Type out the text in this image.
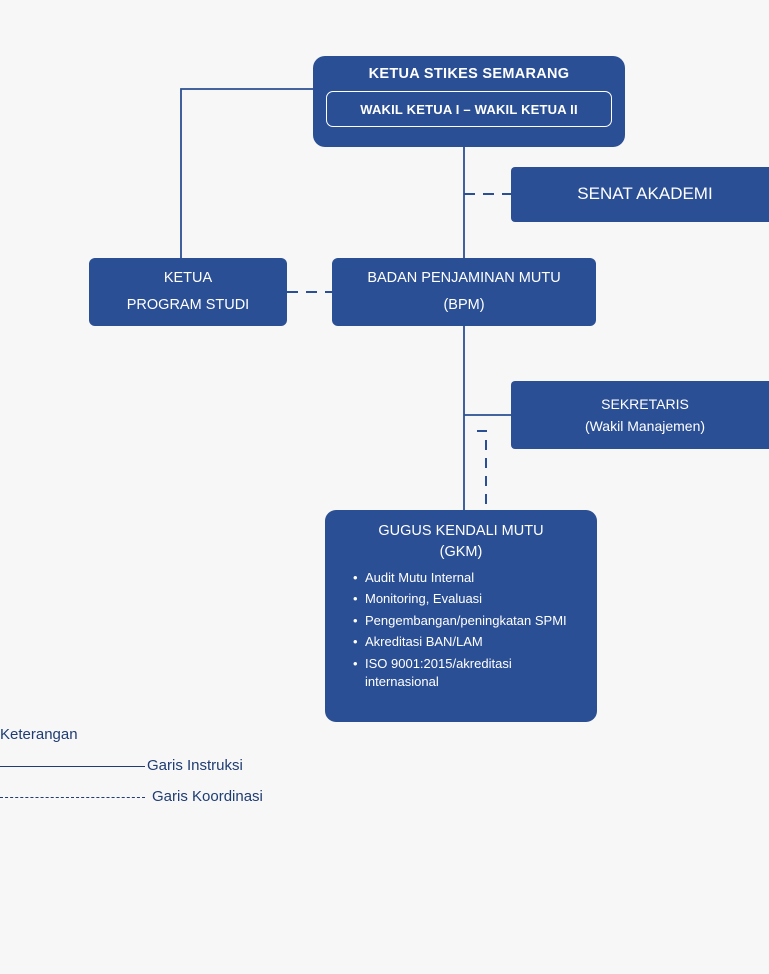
KETUA STIKES SEMARANG
WAKIL KETUA I – WAKIL KETUA II
SENAT AKADEMI
KETUA
PROGRAM STUDI
BADAN PENJAMINAN MUTU
(BPM)
SEKRETARIS
(Wakil Manajemen)
GUGUS KENDALI MUTU
(GKM)
• Audit Mutu Internal
• Monitoring, Evaluasi
• Pengembangan/peningkatan SPMI
• Akreditasi BAN/LAM
• ISO 9001:2015/akreditasi internasional
Keterangan
Garis Instruksi
Garis Koordinasi
